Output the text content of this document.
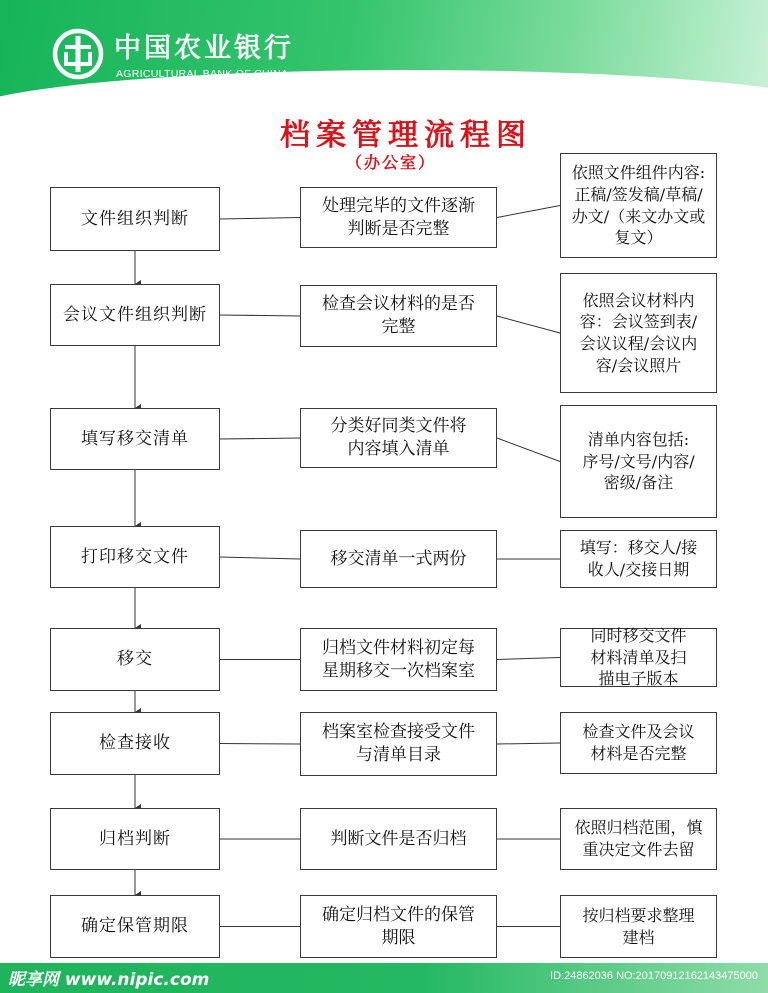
中国农业银行
AGRICULTURAL BANK OF CHINA
档案管理流程图
（办公室）
文件组织判断
会议文件组织判断
填写移交清单
打印移交文件
移交
检查接收
归档判断
确定保管期限
处理完毕的文件逐渐
判断是否完整
检查会议材料的是否
完整
分类好同类文件将
内容填入清单
移交清单一式两份
归档文件材料初定每
星期移交一次档案室
档案室检查接受文件
与清单目录
判断文件是否归档
确定归档文件的保管
期限
依照文件组件内容:
正稿/签发稿/草稿/
办文/（来文办文或
复文）
依照会议材料内
容：会议签到表/
会议议程/会议内
容/会议照片
清单内容包括:
序号/文号/内容/
密级/备注
填写：移交人/接
收人/交接日期
同时移交文件
材料清单及扫
描电子版本
检查文件及会议
材料是否完整
依照归档范围，慎
重决定文件去留
按归档要求整理
建档
昵享网 www.nipic.com	ID:24862036 NO:20170912162143475000
